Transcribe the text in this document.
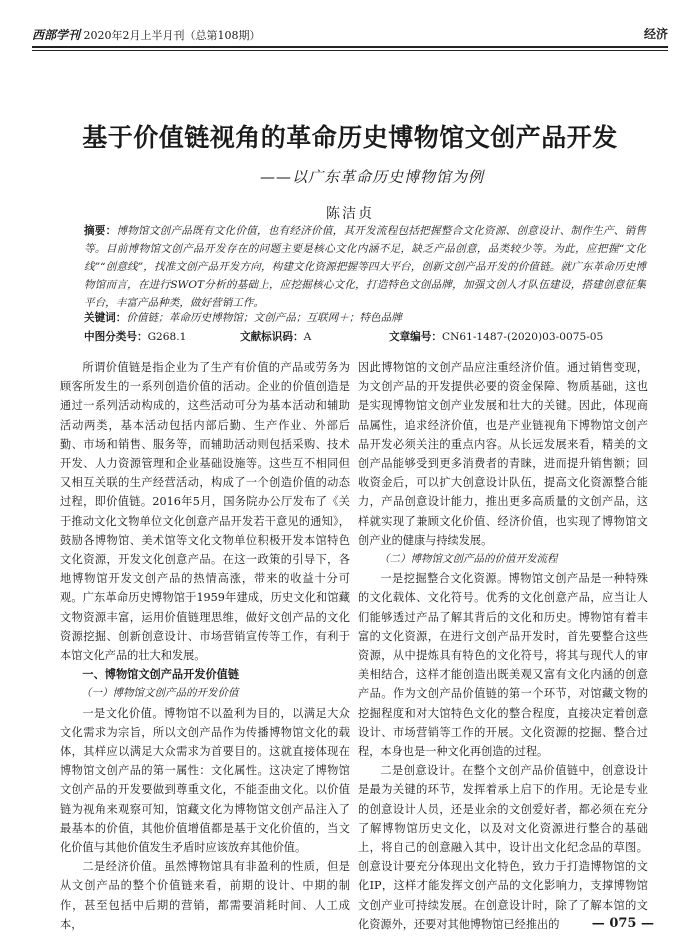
西部学刊 2020年2月上半月刊（总第108期）	经济
基于价值链视角的革命历史博物馆文创产品开发
——以广东革命历史博物馆为例
陈洁贞
摘要：博物馆文创产品既有文化价值，也有经济价值，其开发流程包括把握整合文化资源、创意设计、制作生产、销售等。目前博物馆文创产品开发存在的问题主要是核心文化内涵不足，缺乏产品创意，品类较少等。为此，应把握“文化线”“创意线”，找准文创产品开发方向，构建文化资源把握等四大平台，创新文创产品开发的价值链。就广东革命历史博物馆而言，在进行SWOT分析的基础上，应挖掘核心文化，打造特色文创品牌，加强文创人才队伍建设，搭建创意征集平台，丰富产品种类，做好营销工作。
关键词：价值链；革命历史博物馆；文创产品；互联网＋；特色品牌
中图分类号：G268.1	文献标识码：A	文章编号：CN61-1487-(2020)03-0075-05

所谓价值链是指企业为了生产有价值的产品或劳务为顾客所发生的一系列创造价值的活动。企业的价值创造是通过一系列活动构成的，这些活动可分为基本活动和辅助活动两类，基本活动包括内部后勤、生产作业、外部后勤、市场和销售、服务等，而辅助活动则包括采购、技术开发、人力资源管理和企业基础设施等。这些互不相同但又相互关联的生产经营活动，构成了一个创造价值的动态过程，即价值链。2016年5月，国务院办公厅发布了《关于推动文化文物单位文化创意产品开发若干意见的通知》，鼓励各博物馆、美术馆等文化文物单位积极开发本馆特色文化资源，开发文化创意产品。在这一政策的引导下，各地博物馆开发文创产品的热情高涨，带来的收益十分可观。广东革命历史博物馆于1959年建成，历史文化和馆藏文物资源丰富，运用价值链理思维，做好文创产品的文化资源挖掘、创新创意设计、市场营销宣传等工作，有利于本馆文化产品的壮大和发展。

一、博物馆文创产品开发价值链

（一）博物馆文创产品的开发价值

一是文化价值。博物馆不以盈利为目的，以满足大众文化需求为宗旨，所以文创产品作为传播博物馆文化的载体，其样应以满足大众需求为首要目的。这就直接体现在博物馆文创产品的第一属性：文化属性。这决定了博物馆文创产品的开发要做到尊重文化，不能歪曲文化。以价值链为视角来观察可知，馆藏文化为博物馆文创产品注入了最基本的价值，其他价值增值都是基于文化价值的，当文化价值与其他价值发生矛盾时应该放弃其他价值。

二是经济价值。虽然博物馆具有非盈利的性质，但是从文创产品的整个价值链来看，前期的设计、中期的制作，甚至包括中后期的营销，都需要消耗时间、人工成本，

因此博物馆的文创产品应注重经济价值。通过销售变现，为文创产品的开发提供必要的资金保障、物质基础，这也是实现博物馆文创产业发展和壮大的关键。因此，体现商品属性，追求经济价值，也是产业链视角下博物馆文创产品开发必须关注的重点内容。从长远发展来看，精美的文创产品能够受到更多消费者的青睐，进而提升销售额；回收资金后，可以扩大创意设计队伍，提高文化资源整合能力，产品创意设计能力，推出更多高质量的文创产品，这样就实现了兼顾文化价值、经济价值，也实现了博物馆文创产业的健康与持续发展。

（二）博物馆文创产品的价值开发流程

一是挖掘整合文化资源。博物馆文创产品是一种特殊的文化载体、文化符号。优秀的文化创意产品，应当让人们能够透过产品了解其背后的文化和历史。博物馆有着丰富的文化资源，在进行文创产品开发时，首先要整合这些资源，从中提炼具有特色的文化符号，将其与现代人的审美相结合，这样才能创造出既美观又富有文化内涵的创意产品。作为文创产品价值链的第一个环节，对馆藏文物的挖掘程度和对大馆特色文化的整合程度，直接决定着创意设计、市场营销等工作的开展。文化资源的挖掘、整合过程，本身也是一种文化再创造的过程。

二是创意设计。在整个文创产品价值链中，创意设计是最为关键的环节，发挥着承上启下的作用。无论是专业的创意设计人员，还是业余的文创爱好者，都必须在充分了解博物馆历史文化，以及对文化资源进行整合的基础上，将自己的创意融入其中，设计出文化纪念品的草图。创意设计要充分体现出文化特色，致力于打造博物馆的文化IP，这样才能发挥文创产品的文化影响力，支撑博物馆文创产业可持续发展。在创意设计时，除了了解本馆的文化资源外，还要对其他博物馆已经推出的	— 075 —
